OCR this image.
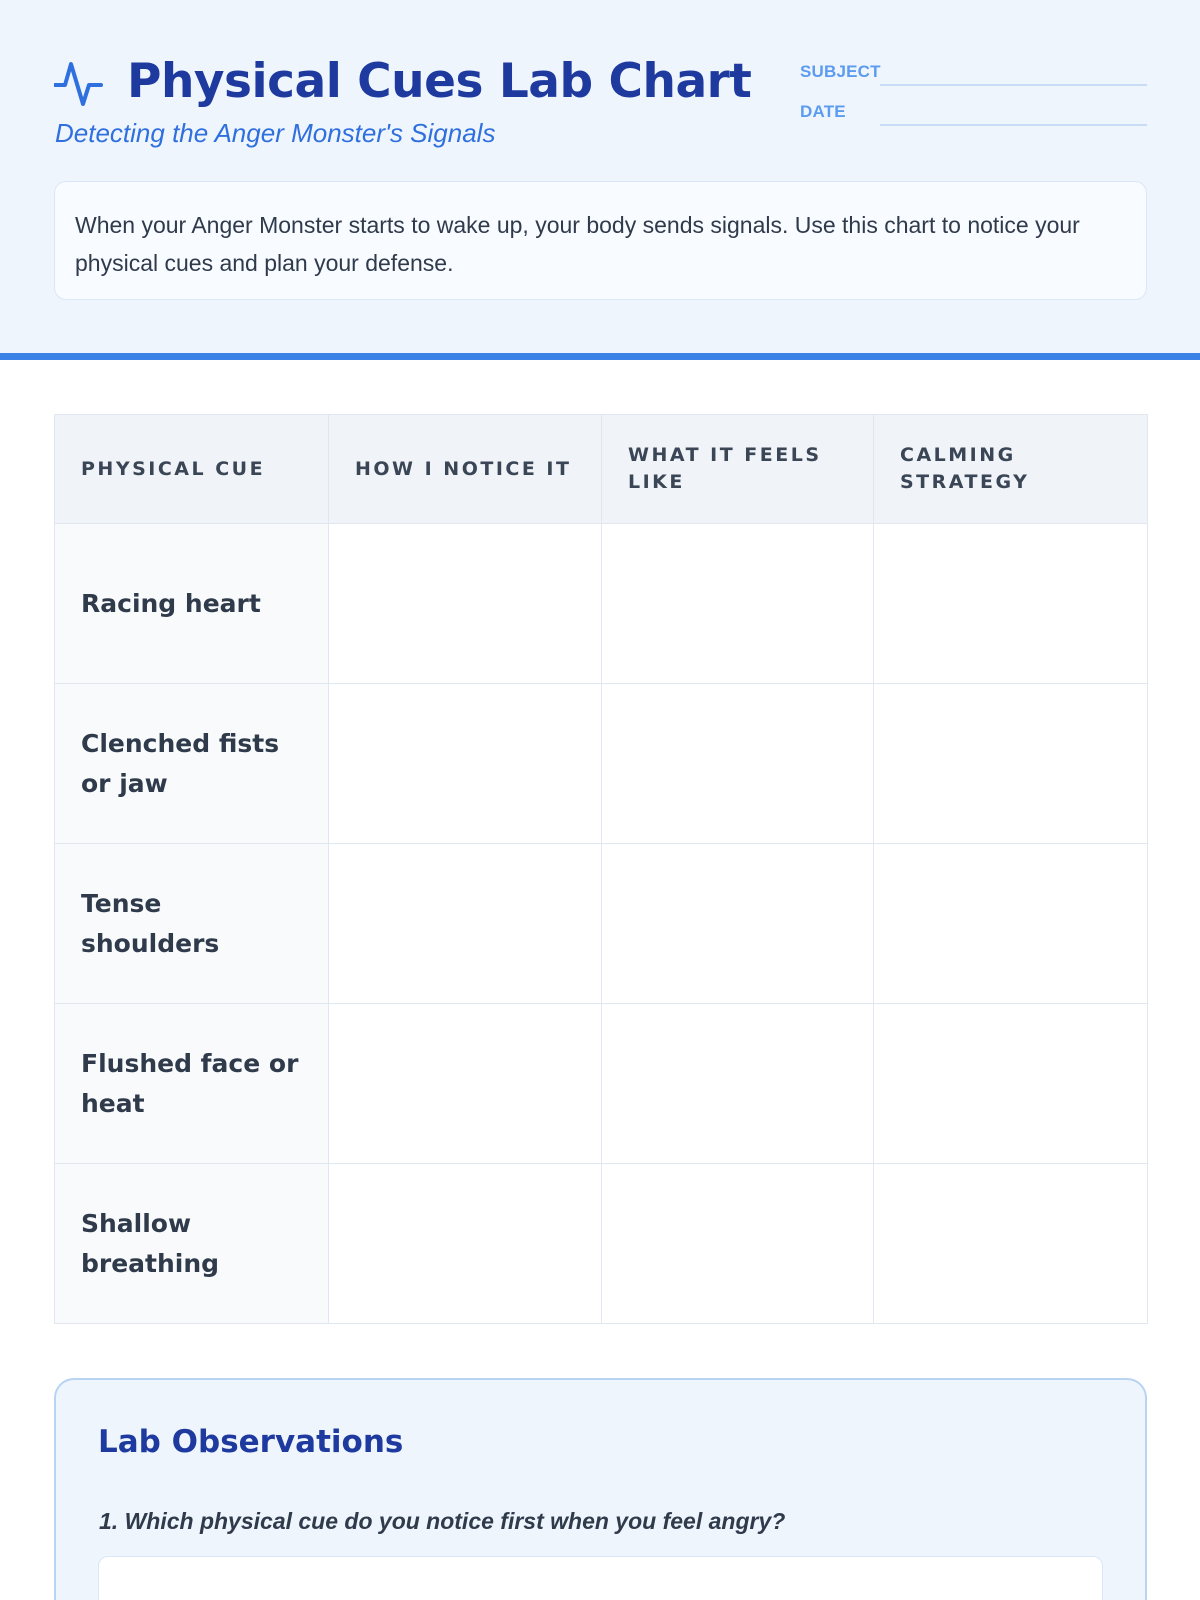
Physical Cues Lab Chart
Detecting the Anger Monster's Signals
SUBJECT
DATE
When your Anger Monster starts to wake up, your body sends signals. Use this chart to notice your physical cues and plan your defense.
PHYSICAL CUE	HOW I NOTICE IT	WHAT IT FEELS LIKE	CALMING STRATEGY
Racing heart			
Clenched fists or jaw			
Tense shoulders			
Flushed face or heat			
Shallow breathing			
Lab Observations
1. Which physical cue do you notice first when you feel angry?
